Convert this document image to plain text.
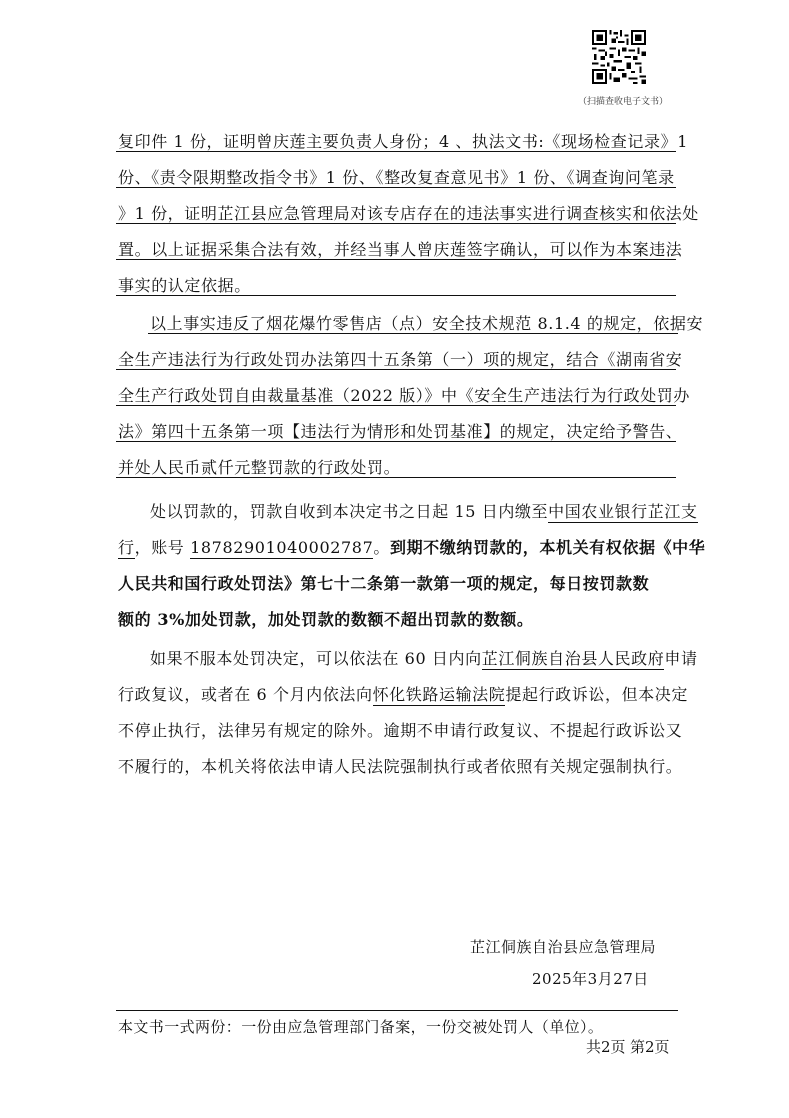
（扫描查收电子文书）
复印件 1 份，证明曾庆莲主要负责人身份；4 、执法文书:《现场检查记录》1
份、《责令限期整改指令书》1 份、《整改复查意见书》1 份、《调查询问笔录
》1 份，证明芷江县应急管理局对该专店存在的违法事实进行调查核实和依法处
置。以上证据采集合法有效，并经当事人曾庆莲签字确认，可以作为本案违法
事实的认定依据。
以上事实违反了烟花爆竹零售店（点）安全技术规范 8.1.4 的规定，依据安
全生产违法行为行政处罚办法第四十五条第（一）项的规定，结合《湖南省安
全生产行政处罚自由裁量基准（2022 版）》中《安全生产违法行为行政处罚办
法》第四十五条第一项【违法行为情形和处罚基准】的规定，决定给予警告、
并处人民币贰仟元整罚款的行政处罚。
处以罚款的，罚款自收到本决定书之日起 15 日内缴至中国农业银行芷江支
行，账号 18782901040002787。到期不缴纳罚款的，本机关有权依据《中华
人民共和国行政处罚法》第七十二条第一款第一项的规定，每日按罚款数
额的 3%加处罚款，加处罚款的数额不超出罚款的数额。
如果不服本处罚决定，可以依法在 60 日内向芷江侗族自治县人民政府申请
行政复议，或者在 6 个月内依法向怀化铁路运输法院提起行政诉讼，但本决定
不停止执行，法律另有规定的除外。逾期不申请行政复议、不提起行政诉讼又
不履行的，本机关将依法申请人民法院强制执行或者依照有关规定强制执行。
芷江侗族自治县应急管理局
2025年3月27日
本文书一式两份：一份由应急管理部门备案，一份交被处罚人（单位）。
共2页 第2页
